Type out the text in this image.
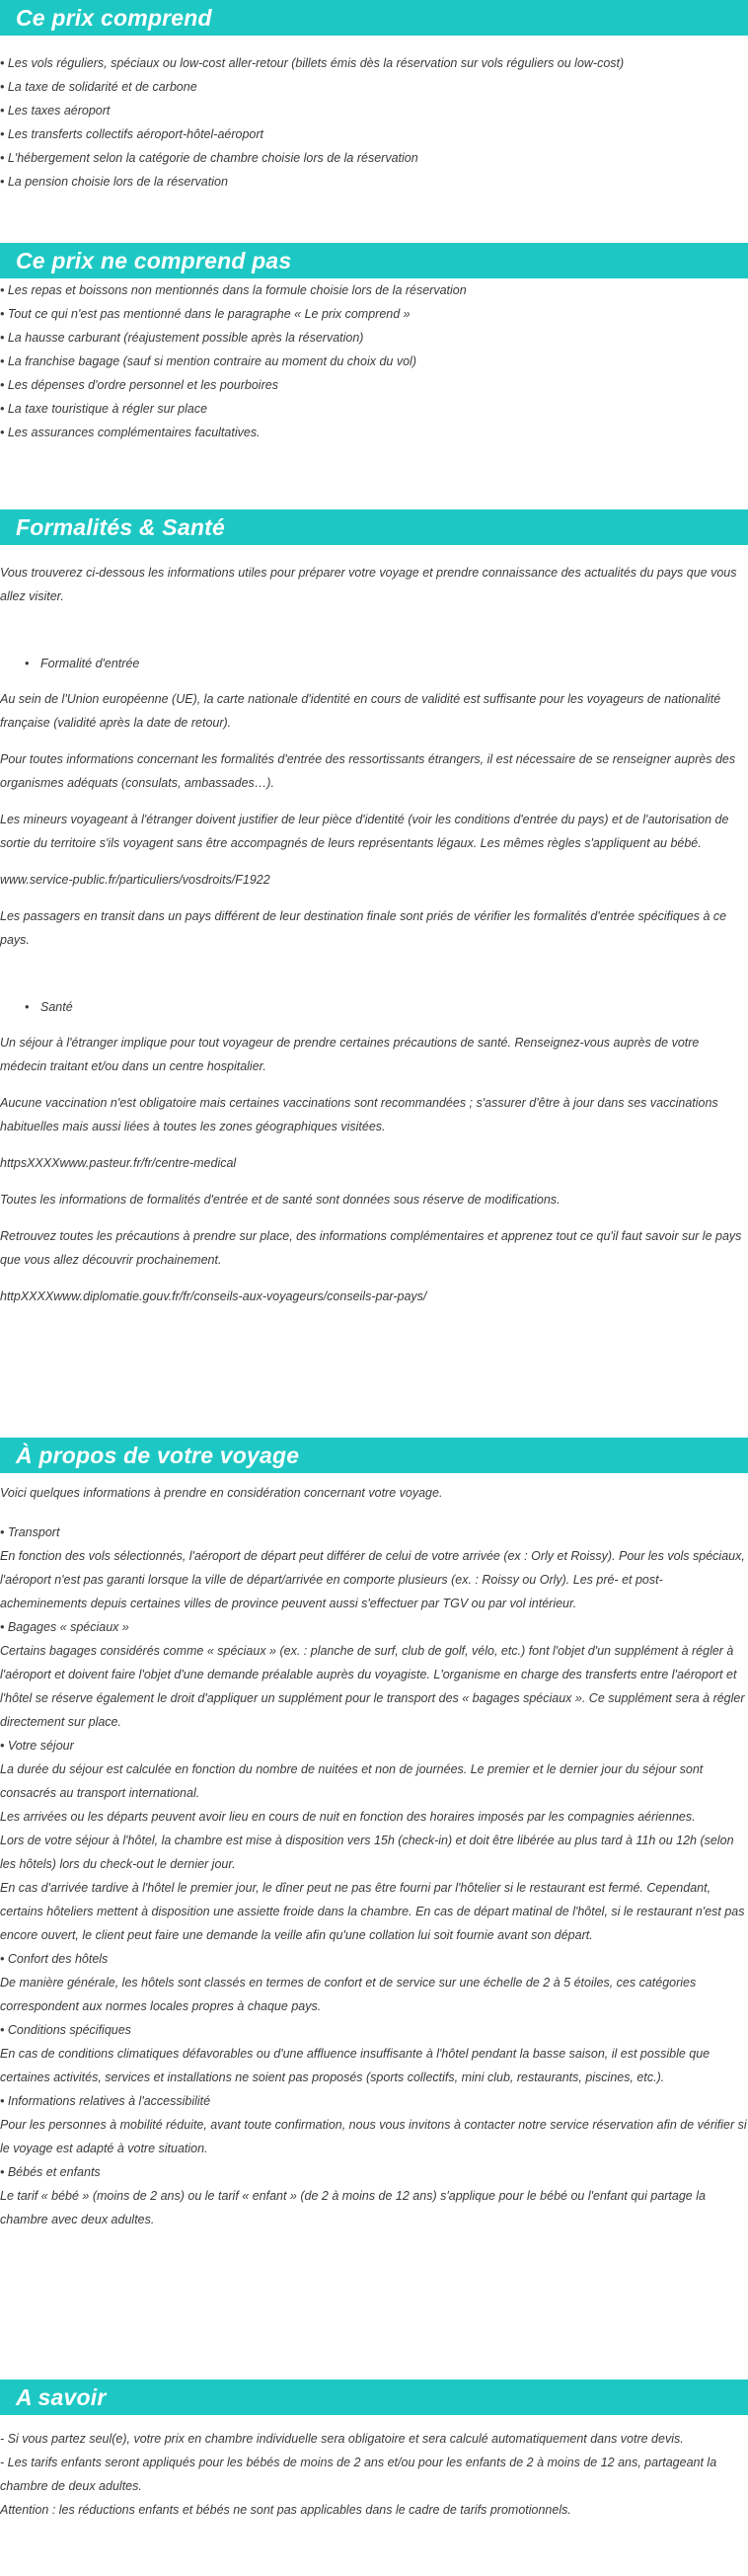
Ce prix comprend
• Les vols réguliers, spéciaux ou low-cost aller-retour (billets émis dès la réservation sur vols réguliers ou low-cost)
• La taxe de solidarité et de carbone
• Les taxes aéroport
• Les transferts collectifs aéroport-hôtel-aéroport
• L'hébergement selon la catégorie de chambre choisie lors de la réservation
• La pension choisie lors de la réservation
Ce prix ne comprend pas
• Les repas et boissons non mentionnés dans la formule choisie lors de la réservation
• Tout ce qui n'est pas mentionné dans le paragraphe « Le prix comprend »
• La hausse carburant (réajustement possible après la réservation)
• La franchise bagage (sauf si mention contraire au moment du choix du vol)
• Les dépenses d'ordre personnel et les pourboires
• La taxe touristique à régler sur place
• Les assurances complémentaires facultatives.
Formalités & Santé

Vous trouverez ci-dessous les informations utiles pour préparer votre voyage et prendre connaissance des actualités du pays que vous allez visiter.

• Formalité d'entrée

Au sein de l'Union européenne (UE), la carte nationale d'identité en cours de validité est suffisante pour les voyageurs de nationalité française (validité après la date de retour).

Pour toutes informations concernant les formalités d'entrée des ressortissants étrangers, il est nécessaire de se renseigner auprès des organismes adéquats (consulats, ambassades…).

Les mineurs voyageant à l'étranger doivent justifier de leur pièce d'identité (voir les conditions d'entrée du pays) et de l'autorisation de sortie du territoire s'ils voyagent sans être accompagnés de leurs représentants légaux. Les mêmes règles s'appliquent au bébé.

www.service-public.fr/particuliers/vosdroits/F1922

Les passagers en transit dans un pays différent de leur destination finale sont priés de vérifier les formalités d'entrée spécifiques à ce pays.

• Santé

Un séjour à l'étranger implique pour tout voyageur de prendre certaines précautions de santé. Renseignez-vous auprès de votre médecin traitant et/ou dans un centre hospitalier.

Aucune vaccination n'est obligatoire mais certaines vaccinations sont recommandées ; s'assurer d'être à jour dans ses vaccinations habituelles mais aussi liées à toutes les zones géographiques visitées.

httpsXXXXwww.pasteur.fr/fr/centre-medical

Toutes les informations de formalités d'entrée et de santé sont données sous réserve de modifications.

Retrouvez toutes les précautions à prendre sur place, des informations complémentaires et apprenez tout ce qu'il faut savoir sur le pays que vous allez découvrir prochainement.

httpXXXXwww.diplomatie.gouv.fr/fr/conseils-aux-voyageurs/conseils-par-pays/

À propos de votre voyage

Voici quelques informations à prendre en considération concernant votre voyage.

• Transport

En fonction des vols sélectionnés, l'aéroport de départ peut différer de celui de votre arrivée (ex : Orly et Roissy). Pour les vols spéciaux, l'aéroport n'est pas garanti lorsque la ville de départ/arrivée en comporte plusieurs (ex. : Roissy ou Orly). Les pré- et post- acheminements depuis certaines villes de province peuvent aussi s'effectuer par TGV ou par vol intérieur.

• Bagages « spéciaux »

Certains bagages considérés comme « spéciaux » (ex. : planche de surf, club de golf, vélo, etc.) font l'objet d'un supplément à régler à l'aéroport et doivent faire l'objet d'une demande préalable auprès du voyagiste. L'organisme en charge des transferts entre l'aéroport et l'hôtel se réserve également le droit d'appliquer un supplément pour le transport des « bagages spéciaux ». Ce supplément sera à régler directement sur place.

• Votre séjour

La durée du séjour est calculée en fonction du nombre de nuitées et non de journées. Le premier et le dernier jour du séjour sont consacrés au transport international.

Les arrivées ou les départs peuvent avoir lieu en cours de nuit en fonction des horaires imposés par les compagnies aériennes.

Lors de votre séjour à l'hôtel, la chambre est mise à disposition vers 15h (check-in) et doit être libérée au plus tard à 11h ou 12h (selon les hôtels) lors du check-out le dernier jour.

En cas d'arrivée tardive à l'hôtel le premier jour, le dîner peut ne pas être fourni par l'hôtelier si le restaurant est fermé. Cependant, certains hôteliers mettent à disposition une assiette froide dans la chambre. En cas de départ matinal de l'hôtel, si le restaurant n'est pas encore ouvert, le client peut faire une demande la veille afin qu'une collation lui soit fournie avant son départ.

• Confort des hôtels

De manière générale, les hôtels sont classés en termes de confort et de service sur une échelle de 2 à 5 étoiles, ces catégories correspondent aux normes locales propres à chaque pays.

• Conditions spécifiques

En cas de conditions climatiques défavorables ou d'une affluence insuffisante à l'hôtel pendant la basse saison, il est possible que certaines activités, services et installations ne soient pas proposés (sports collectifs, mini club, restaurants, piscines, etc.).

• Informations relatives à l'accessibilité

Pour les personnes à mobilité réduite, avant toute confirmation, nous vous invitons à contacter notre service réservation afin de vérifier si le voyage est adapté à votre situation.

• Bébés et enfants

Le tarif « bébé » (moins de 2 ans) ou le tarif « enfant » (de 2 à moins de 12 ans) s'applique pour le bébé ou l'enfant qui partage la chambre avec deux adultes.

A savoir

- Si vous partez seul(e), votre prix en chambre individuelle sera obligatoire et sera calculé automatiquement dans votre devis.

- Les tarifs enfants seront appliqués pour les bébés de moins de 2 ans et/ou pour les enfants de 2 à moins de 12 ans, partageant la chambre de deux adultes.

Attention : les réductions enfants et bébés ne sont pas applicables dans le cadre de tarifs promotionnels.
